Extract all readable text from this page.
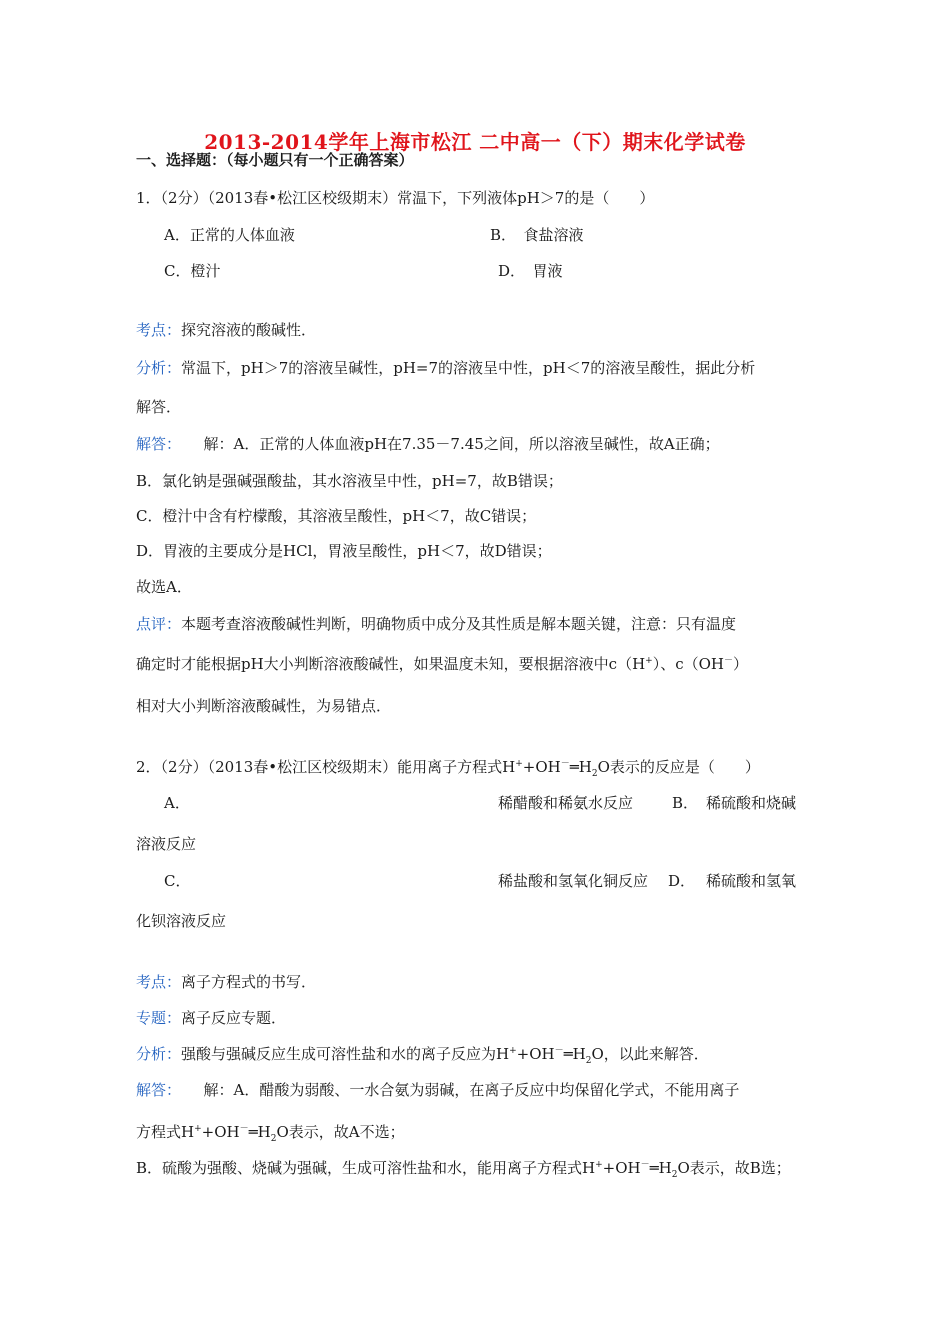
2013-2014学年上海市松江 二中高一（下）期末化学试卷
一、选择题：（每小题只有一个正确答案）
1．（2分）（2013春•松江区校级期末）常温下，下列液体pH＞7的是（　　）
A．正常的人体血液	B．　食盐溶液
C．橙汁	D．　胃液
考点：探究溶液的酸碱性．
分析：常温下，pH＞7的溶液呈碱性，pH=7的溶液呈中性，pH＜7的溶液呈酸性，据此分析
解答．
解答：　　解：A．正常的人体血液pH在7.35－7.45之间，所以溶液呈碱性，故A正确；
B．氯化钠是强碱强酸盐，其水溶液呈中性，pH=7，故B错误；
C．橙汁中含有柠檬酸，其溶液呈酸性，pH＜7，故C错误；
D．胃液的主要成分是HCl，胃液呈酸性，pH＜7，故D错误；
故选A．
点评：本题考查溶液酸碱性判断，明确物质中成分及其性质是解本题关键，注意：只有温度
确定时才能根据pH大小判断溶液酸碱性，如果温度未知，要根据溶液中c（H+）、c（OH－）
相对大小判断溶液酸碱性，为易错点．
2．（2分）（2013春•松江区校级期末）能用离子方程式$H^++OH^-═H_2O$表示的反应是（　　）
A．	稀醋酸和稀氨水反应	B． 稀硫酸和烧碱
溶液反应
C．	稀盐酸和氢氧化铜反应 D． 稀硫酸和氢氧
化钡溶液反应
考点：离子方程式的书写．
专题：离子反应专题．
分析：强酸与强碱反应生成可溶性盐和水的离子反应为$H^++OH^-═H_2O$，以此来解答．
解答：　　解：A．醋酸为弱酸、一水合氨为弱碱，在离子反应中均保留化学式，不能用离子
方程式$H^++OH^-═H_2O$表示，故A不选；
B．硫酸为强酸、烧碱为强碱，生成可溶性盐和水，能用离子方程式$H^++OH^-═H_2O$表示，故B选；
